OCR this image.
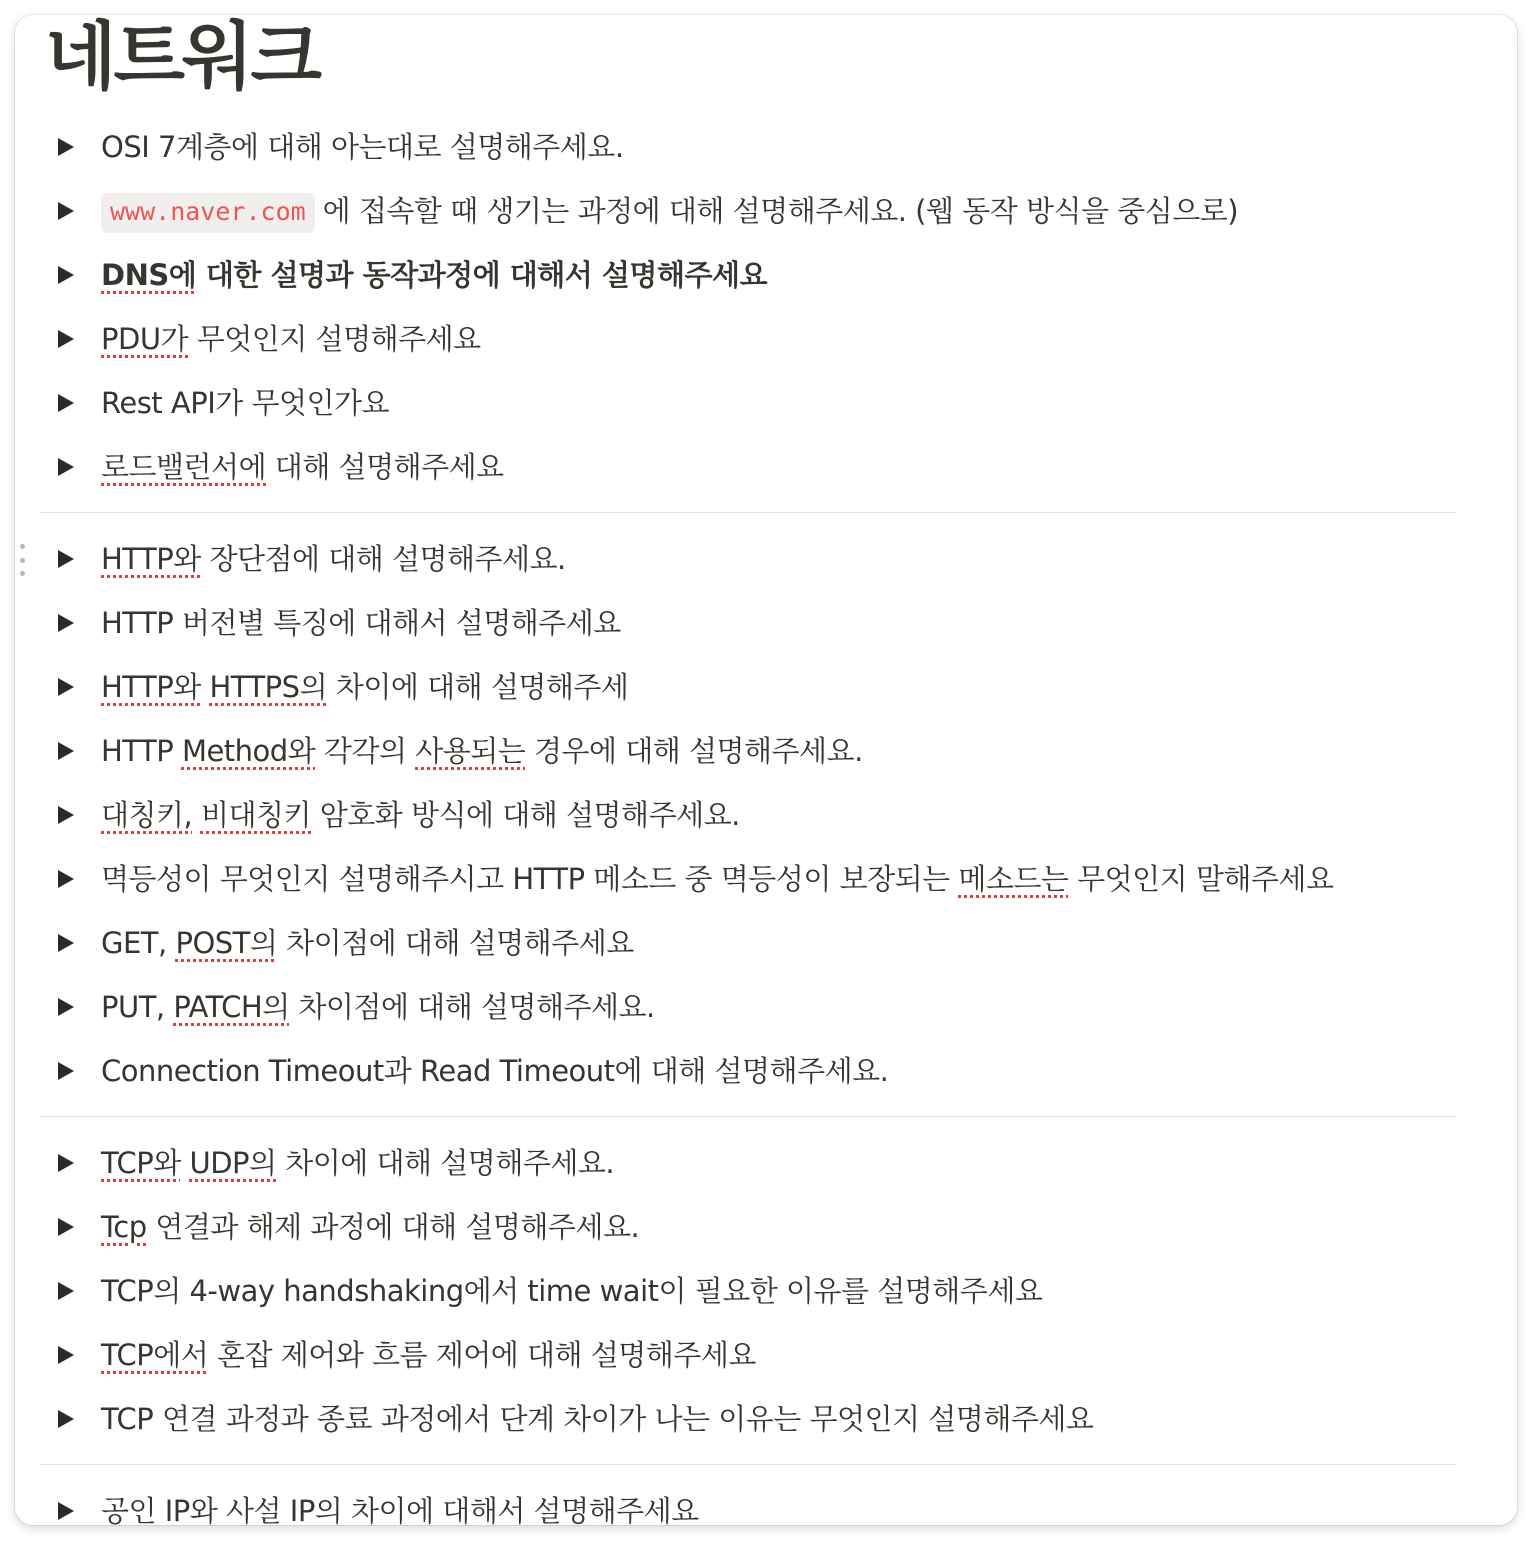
네트워크
OSI 7계층에 대해 아는대로 설명해주세요.
www.naver.com 에 접속할 때 생기는 과정에 대해 설명해주세요. (웹 동작 방식을 중심으로)
DNS에 대한 설명과 동작과정에 대해서 설명해주세요
PDU가 무엇인지 설명해주세요
Rest API가 무엇인가요
로드밸런서에 대해 설명해주세요
HTTP와 장단점에 대해 설명해주세요.
HTTP 버전별 특징에 대해서 설명해주세요
HTTP와 HTTPS의 차이에 대해 설명해주세
HTTP Method와 각각의 사용되는 경우에 대해 설명해주세요.
대칭키, 비대칭키 암호화 방식에 대해 설명해주세요.
멱등성이 무엇인지 설명해주시고 HTTP 메소드 중 멱등성이 보장되는 메소드는 무엇인지 말해주세요
GET, POST의 차이점에 대해 설명해주세요
PUT, PATCH의 차이점에 대해 설명해주세요.
Connection Timeout과 Read Timeout에 대해 설명해주세요.
TCP와 UDP의 차이에 대해 설명해주세요.
Tcp 연결과 해제 과정에 대해 설명해주세요.
TCP의 4-way handshaking에서 time wait이 필요한 이유를 설명해주세요
TCP에서 혼잡 제어와 흐름 제어에 대해 설명해주세요
TCP 연결 과정과 종료 과정에서 단계 차이가 나는 이유는 무엇인지 설명해주세요
공인 IP와 사설 IP의 차이에 대해서 설명해주세요
